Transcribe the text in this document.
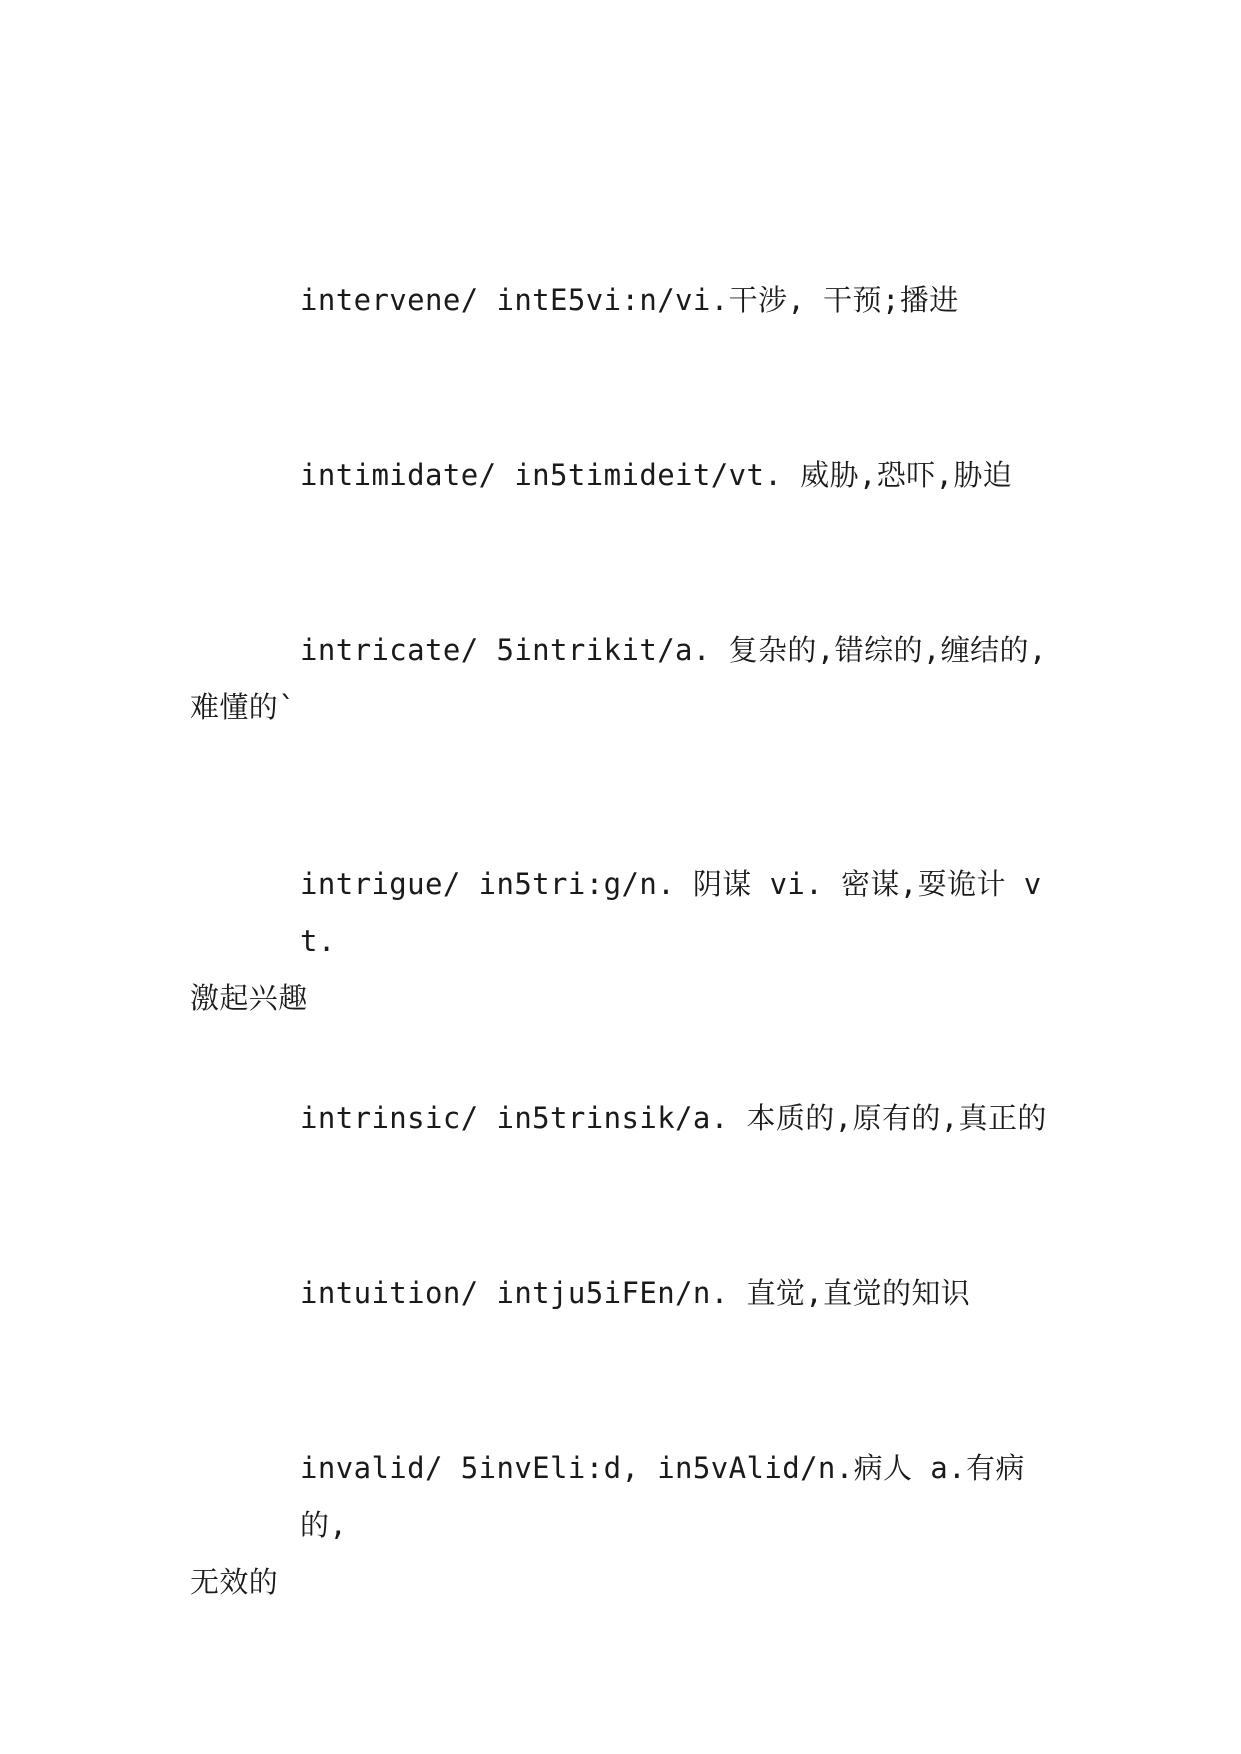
intervene/ intE5vi:n/vi.干涉, 干预;播进
intimidate/ in5timideit/vt. 威胁,恐吓,胁迫
intricate/ 5intrikit/a. 复杂的,错综的,缠结的,
难懂的`
intrigue/ in5tri:g/n. 阴谋 vi. 密谋,耍诡计 vt.
激起兴趣
intrinsic/ in5trinsik/a. 本质的,原有的,真正的
intuition/ intju5iFEn/n. 直觉,直觉的知识
invalid/ 5invEli:d, in5vAlid/n.病人 a.有病的,
无效的
